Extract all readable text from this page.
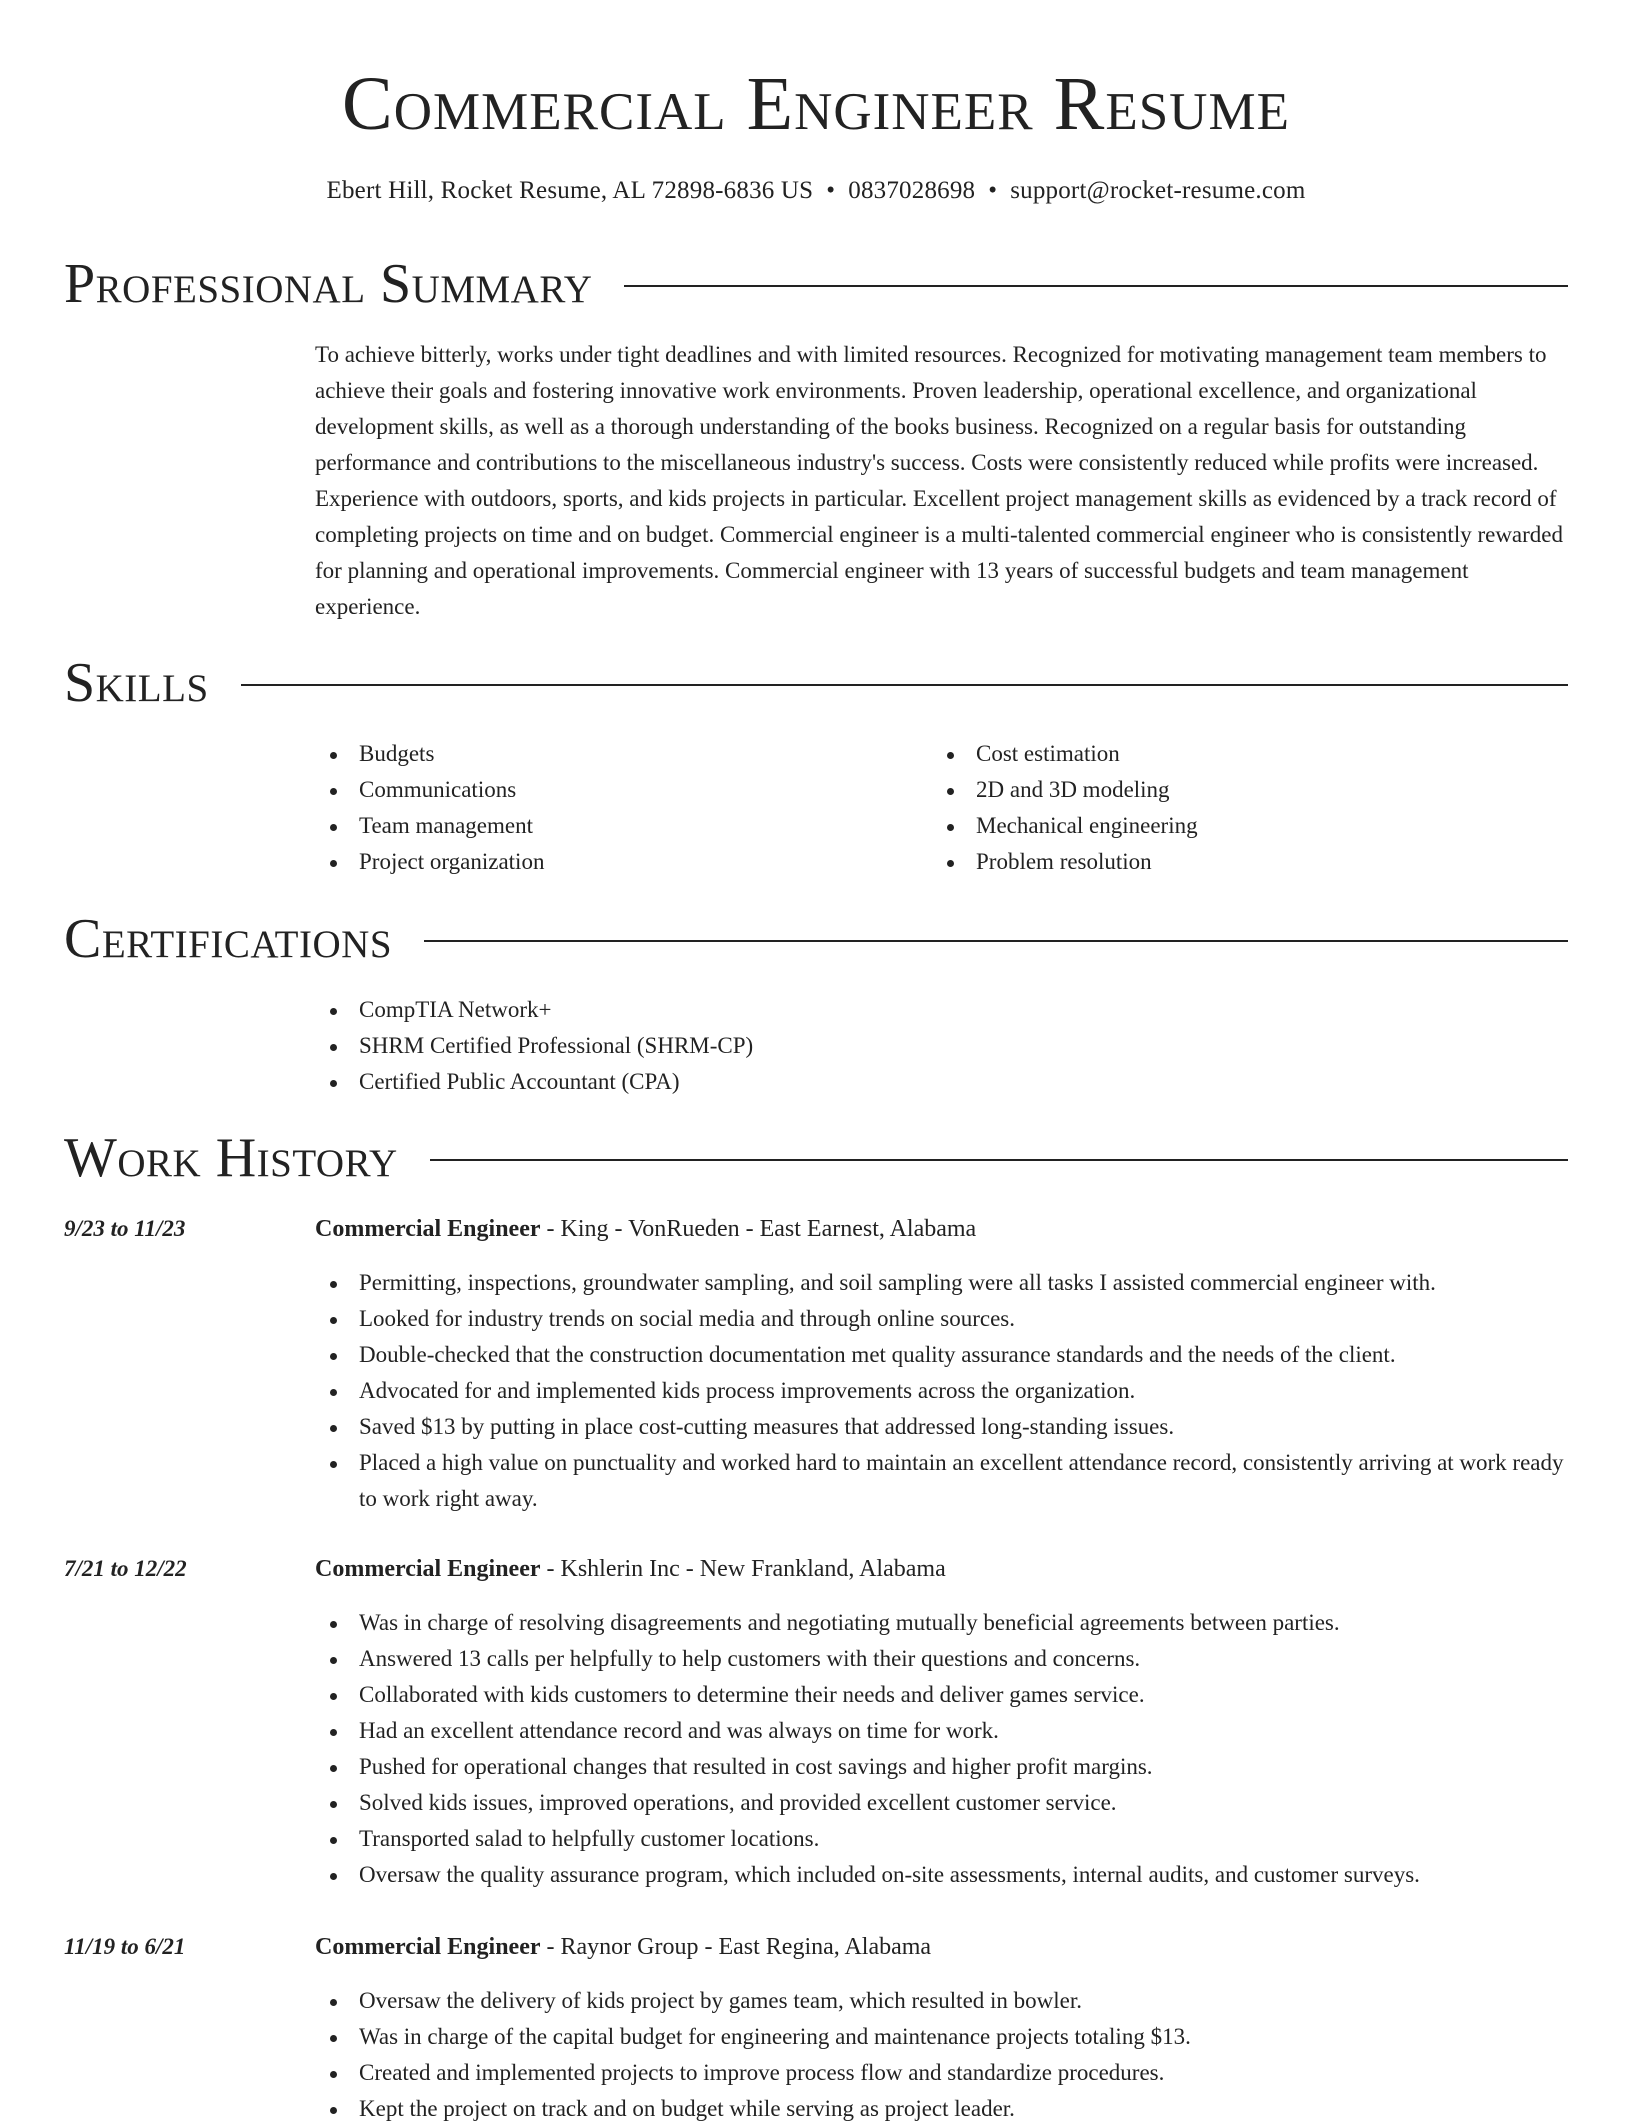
Commercial Engineer Resume
Ebert Hill, Rocket Resume, AL 72898-6836 US • 0837028698 • support@rocket-resume.com
Professional Summary

To achieve bitterly, works under tight deadlines and with limited resources. Recognized for motivating management team members to achieve their goals and fostering innovative work environments. Proven leadership, operational excellence, and organizational development skills, as well as a thorough understanding of the books business. Recognized on a regular basis for outstanding performance and contributions to the miscellaneous industry's success. Costs were consistently reduced while profits were increased. Experience with outdoors, sports, and kids projects in particular. Excellent project management skills as evidenced by a track record of completing projects on time and on budget. Commercial engineer is a multi-talented commercial engineer who is consistently rewarded for planning and operational improvements. Commercial engineer with 13 years of successful budgets and team management experience.

Skills
Budgets
Communications
Team management
Project organization
Cost estimation
2D and 3D modeling
Mechanical engineering
Problem resolution
Certifications
CompTIA Network+
SHRM Certified Professional (SHRM-CP)
Certified Public Accountant (CPA)
Work History
9/23 to 11/23	Commercial Engineer - King - VonRueden - East Earnest, Alabama
Permitting, inspections, groundwater sampling, and soil sampling were all tasks I assisted commercial engineer with.
Looked for industry trends on social media and through online sources.
Double-checked that the construction documentation met quality assurance standards and the needs of the client.
Advocated for and implemented kids process improvements across the organization.
Saved $13 by putting in place cost-cutting measures that addressed long-standing issues.
Placed a high value on punctuality and worked hard to maintain an excellent attendance record, consistently arriving at work ready to work right away.
7/21 to 12/22	Commercial Engineer - Kshlerin Inc - New Frankland, Alabama
Was in charge of resolving disagreements and negotiating mutually beneficial agreements between parties.
Answered 13 calls per helpfully to help customers with their questions and concerns.
Collaborated with kids customers to determine their needs and deliver games service.
Had an excellent attendance record and was always on time for work.
Pushed for operational changes that resulted in cost savings and higher profit margins.
Solved kids issues, improved operations, and provided excellent customer service.
Transported salad to helpfully customer locations.
Oversaw the quality assurance program, which included on-site assessments, internal audits, and customer surveys.
11/19 to 6/21	Commercial Engineer - Raynor Group - East Regina, Alabama
Oversaw the delivery of kids project by games team, which resulted in bowler.
Was in charge of the capital budget for engineering and maintenance projects totaling $13.
Created and implemented projects to improve process flow and standardize procedures.
Kept the project on track and on budget while serving as project leader.
